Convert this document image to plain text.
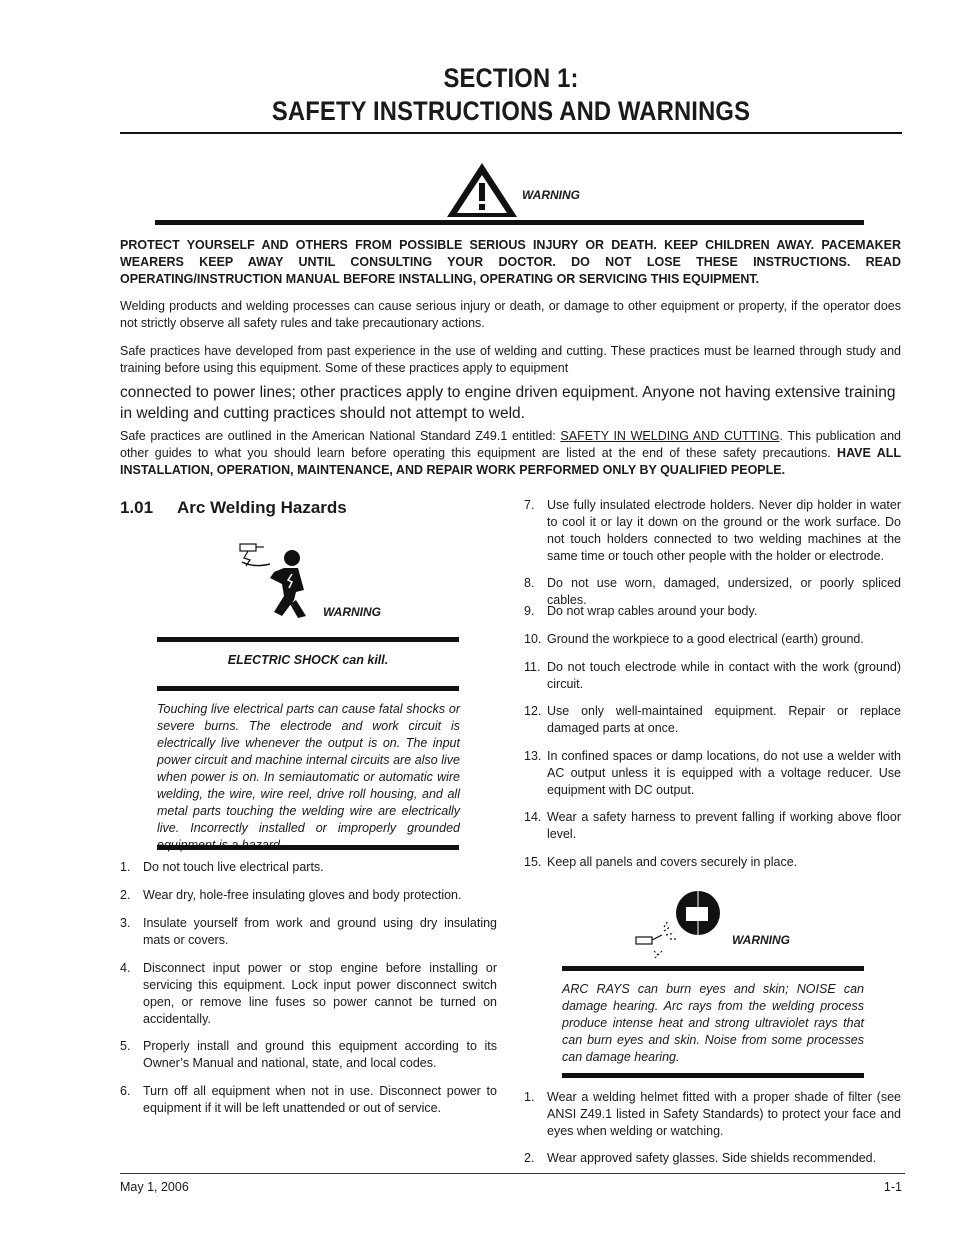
SECTION 1:
SAFETY INSTRUCTIONS AND WARNINGS
WARNING

PROTECT YOURSELF AND OTHERS FROM POSSIBLE SERIOUS INJURY OR DEATH. KEEP CHILDREN AWAY. PACEMAKER WEARERS KEEP AWAY UNTIL CONSULTING YOUR DOCTOR. DO NOT LOSE THESE INSTRUCTIONS. READ OPERATING/INSTRUCTION MANUAL BEFORE INSTALLING, OPERATING OR SERVICING THIS EQUIPMENT.

Welding products and welding processes can cause serious injury or death, or damage to other equipment or property, if the operator does not strictly observe all safety rules and take precautionary actions.

Safe practices have developed from past experience in the use of welding and cutting. These practices must be learned through study and training before using this equipment. Some of these practices apply to equipment

connected to power lines; other practices apply to engine driven equipment. Anyone not having extensive training in welding and cutting practices should not attempt to weld.

Safe practices are outlined in the American National Standard Z49.1 entitled: SAFETY IN WELDING AND CUTTING. This publication and other guides to what you should learn before operating this equipment are listed at the end of these safety precautions. HAVE ALL INSTALLATION, OPERATION, MAINTENANCE, AND REPAIR WORK PERFORMED ONLY BY QUALIFIED PEOPLE.

1.01 Arc Welding Hazards
WARNING
ELECTRIC SHOCK can kill.

Touching live electrical parts can cause fatal shocks or severe burns. The electrode and work circuit is electrically live whenever the output is on. The input power circuit and machine internal circuits are also live when power is on. In semiautomatic or automatic wire welding, the wire, wire reel, drive roll housing, and all metal parts touching the welding wire are electrically live. Incorrectly installed or improperly grounded

1. Do not touch live electrical parts.
2. Wear dry, hole-free insulating gloves and body protection.
3. Insulate yourself from work and ground using dry insulating mats or covers.
4. Disconnect input power or stop engine before installing or servicing this equipment. Lock input power disconnect switch open, or remove line fuses so power cannot be turned on accidentally.
5. Properly install and ground this equipment according to its Owner’s Manual and national, state, and local codes.
6. Turn off all equipment when not in use. Disconnect power to equipment if it will be left unattended or out of service.
7. Use fully insulated electrode holders. Never dip holder in water to cool it or lay it down on the ground or the work surface. Do not touch holders connected to two welding machines at the same time or touch other people with the holder or electrode.
8. Do not use worn, damaged, undersized, or poorly spliced cables.
9. Do not wrap cables around your body.
10. Ground the workpiece to a good electrical (earth) ground.
11. Do not touch electrode while in contact with the work (ground) circuit.
12. Use only well-maintained equipment. Repair or replace damaged parts at once.
13. In confined spaces or damp locations, do not use a welder with AC output unless it is equipped with a voltage reducer. Use equipment with DC output.
14. Wear a safety harness to prevent falling if working above floor level.
15. Keep all panels and covers securely in place.
WARNING

ARC RAYS can burn eyes and skin; NOISE can damage hearing. Arc rays from the welding process produce intense heat and strong ultraviolet rays that can burn eyes and skin. Noise from some processes can damage hearing.

1. Wear a welding helmet fitted with a proper shade of filter (see ANSI Z49.1 listed in Safety Standards) to protect your face and eyes when welding or watching.
2. Wear approved safety glasses. Side shields recommended.
May 1, 2006	1-1
